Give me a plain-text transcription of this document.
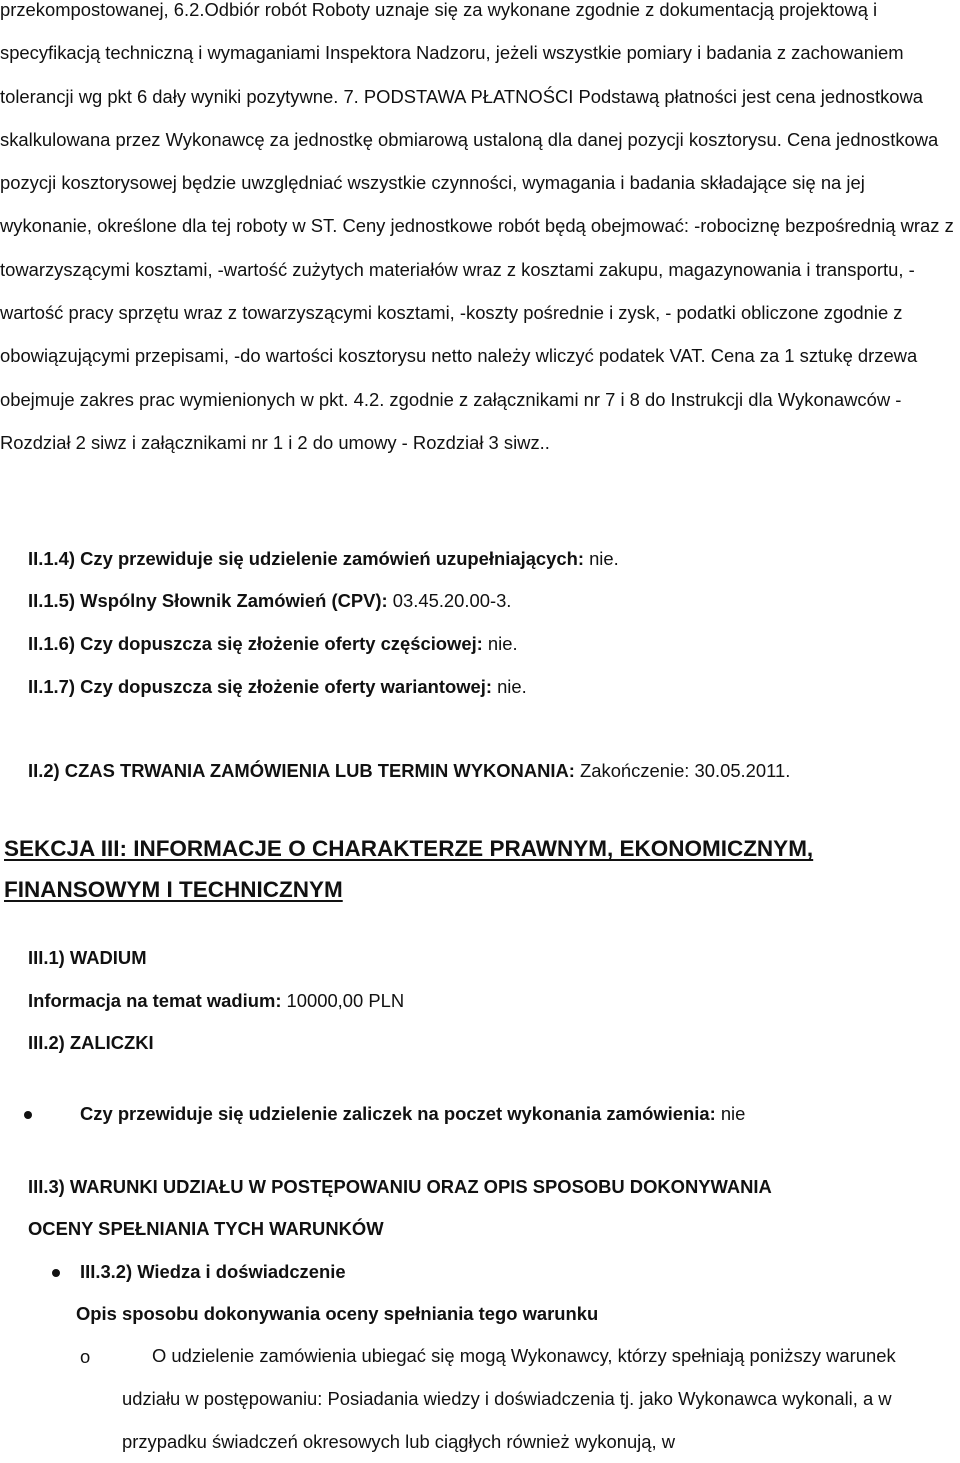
przekompostowanej, 6.2.Odbiór robót Roboty uznaje się za wykonane zgodnie z dokumentacją projektową i specyfikacją techniczną i wymaganiami Inspektora Nadzoru, jeżeli wszystkie pomiary i badania z zachowaniem tolerancji wg pkt 6 dały wyniki pozytywne. 7. PODSTAWA PŁATNOŚCI Podstawą płatności jest cena jednostkowa skalkulowana przez Wykonawcę za jednostkę obmiarową ustaloną dla danej pozycji kosztorysu. Cena jednostkowa pozycji kosztorysowej będzie uwzględniać wszystkie czynności, wymagania i badania składające się na jej wykonanie, określone dla tej roboty w ST. Ceny jednostkowe robót będą obejmować: -robociznę bezpośrednią wraz z towarzyszącymi kosztami, -wartość zużytych materiałów wraz z kosztami zakupu, magazynowania i transportu, -wartość pracy sprzętu wraz z towarzyszącymi kosztami, -koszty pośrednie i zysk, - podatki obliczone zgodnie z obowiązującymi przepisami, -do wartości kosztorysu netto należy wliczyć podatek VAT. Cena za 1 sztukę drzewa obejmuje zakres prac wymienionych w pkt. 4.2. zgodnie z załącznikami nr 7 i 8 do Instrukcji dla Wykonawców - Rozdział 2 siwz i załącznikami nr 1 i 2 do umowy - Rozdział 3 siwz..

II.1.4) Czy przewiduje się udzielenie zamówień uzupełniających: nie.

II.1.5) Wspólny Słownik Zamówień (CPV): 03.45.20.00-3.

II.1.6) Czy dopuszcza się złożenie oferty częściowej: nie.

II.1.7) Czy dopuszcza się złożenie oferty wariantowej: nie.

II.2) CZAS TRWANIA ZAMÓWIENIA LUB TERMIN WYKONANIA: Zakończenie: 30.05.2011.

SEKCJA III: INFORMACJE O CHARAKTERZE PRAWNYM, EKONOMICZNYM,

FINANSOWYM I TECHNICZNYM

III.1) WADIUM

Informacja na temat wadium: 10000,00 PLN

III.2) ZALICZKI

Czy przewiduje się udzielenie zaliczek na poczet wykonania zamówienia: nie

III.3) WARUNKI UDZIAŁU W POSTĘPOWANIU ORAZ OPIS SPOSOBU DOKONYWANIA

OCENY SPEŁNIANIA TYCH WARUNKÓW

III.3.2) Wiedza i doświadczenie

Opis sposobu dokonywania oceny spełniania tego warunku

o	O udzielenie zamówienia ubiegać się mogą Wykonawcy, którzy spełniają poniższy warunek udziału w postępowaniu: Posiadania wiedzy i doświadczenia tj. jako Wykonawca wykonali, a w przypadku świadczeń okresowych lub ciągłych również wykonują, w
